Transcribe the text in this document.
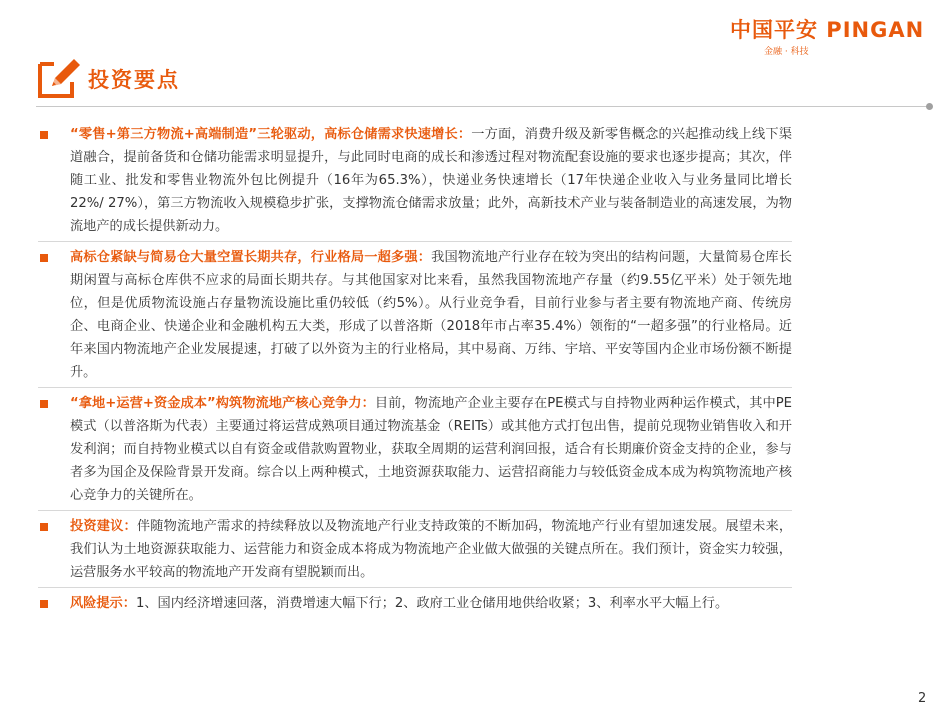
中国平安 PINGAN
金融 · 科技
投资要点
“零售+第三方物流+高端制造”三轮驱动，高标仓储需求快速增长：一方面，消费升级及新零售概念的兴起推动线上线下渠道融合，提前备货和仓储功能需求明显提升，与此同时电商的成长和渗透过程对物流配套设施的要求也逐步提高；其次，伴随工业、批发和零售业物流外包比例提升（16年为65.3%），快递业务快速增长（17年快递企业收入与业务量同比增长22%/ 27%），第三方物流收入规模稳步扩张，支撑物流仓储需求放量；此外，高新技术产业与装备制造业的高速发展，为物流地产的成长提供新动力。
高标仓紧缺与简易仓大量空置长期共存，行业格局一超多强：我国物流地产行业存在较为突出的结构问题，大量简易仓库长期闲置与高标仓库供不应求的局面长期共存。与其他国家对比来看，虽然我国物流地产存量（约9.55亿平米）处于领先地位，但是优质物流设施占存量物流设施比重仍较低（约5%）。从行业竞争看，目前行业参与者主要有物流地产商、传统房企、电商企业、快递企业和金融机构五大类，形成了以普洛斯（2018年市占率35.4%）领衔的“一超多强”的行业格局。近年来国内物流地产企业发展提速，打破了以外资为主的行业格局，其中易商、万纬、宇培、平安等国内企业市场份额不断提升。
“拿地+运营+资金成本”构筑物流地产核心竞争力：目前，物流地产企业主要存在PE模式与自持物业两种运作模式，其中PE模式（以普洛斯为代表）主要通过将运营成熟项目通过物流基金（REITs）或其他方式打包出售，提前兑现物业销售收入和开发利润；而自持物业模式以自有资金或借款购置物业，获取全周期的运营利润回报，适合有长期廉价资金支持的企业，参与者多为国企及保险背景开发商。综合以上两种模式，土地资源获取能力、运营招商能力与较低资金成本成为构筑物流地产核心竞争力的关键所在。
投资建议：伴随物流地产需求的持续释放以及物流地产行业支持政策的不断加码，物流地产行业有望加速发展。展望未来，我们认为土地资源获取能力、运营能力和资金成本将成为物流地产企业做大做强的关键点所在。我们预计，资金实力较强，运营服务水平较高的物流地产开发商有望脱颖而出。
风险提示：1、国内经济增速回落，消费增速大幅下行；2、政府工业仓储用地供给收紧；3、利率水平大幅上行。
2
